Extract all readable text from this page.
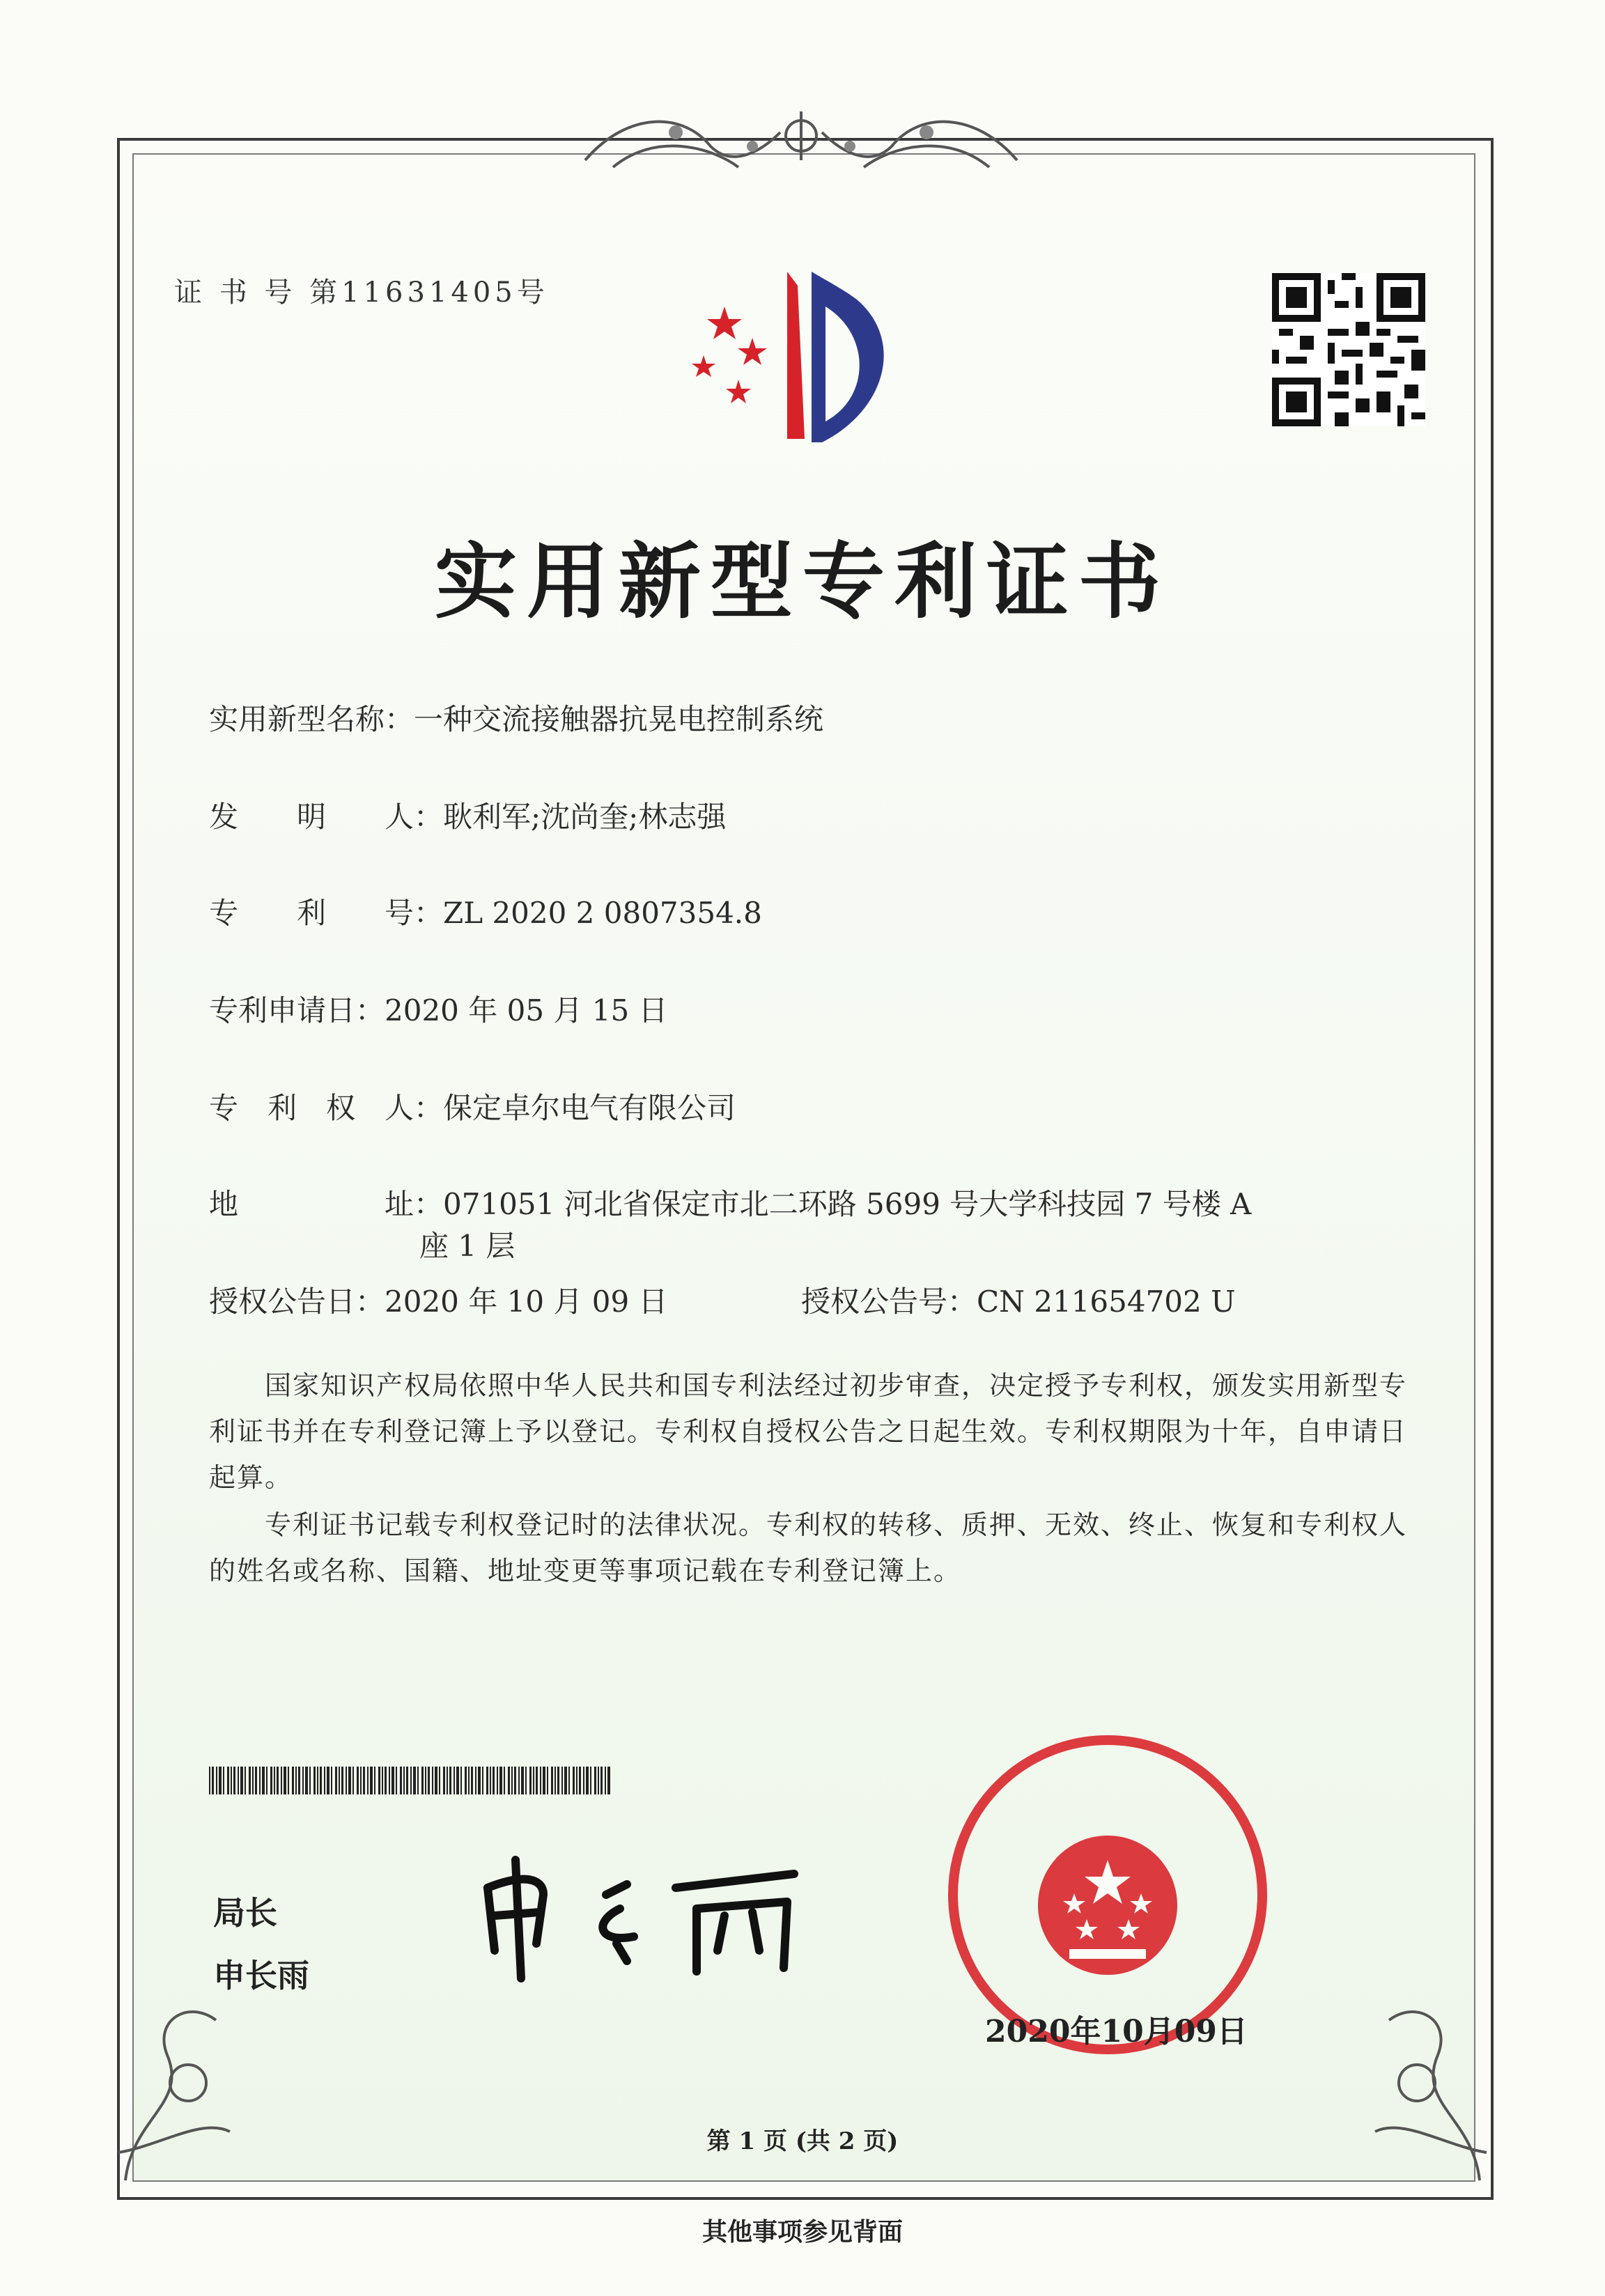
证 书 号 第11631405号
实用新型专利证书
实用新型名称：一种交流接触器抗晃电控制系统
发　　明　　人：耿利军;沈尚奎;林志强
专　　利　　号：ZL 2020 2 0807354.8
专利申请日：2020 年 05 月 15 日
专　利　权　人：保定卓尔电气有限公司
地　　　　　址：071051 河北省保定市北二环路 5699 号大学科技园 7 号楼 A
座 1 层
授权公告日：2020 年 10 月 09 日	授权公告号：CN 211654702 U
　　国家知识产权局依照中华人民共和国专利法经过初步审查，决定授予专利权，颁发实用新型专利证书并在专利登记簿上予以登记。专利权自授权公告之日起生效。专利权期限为十年，自申请日起算。
　　专利证书记载专利权登记时的法律状况。专利权的转移、质押、无效、终止、恢复和专利权人的姓名或名称、国籍、地址变更等事项记载在专利登记簿上。
局长
申长雨
2020年10月09日
第 1 页 (共 2 页)
其他事项参见背面
